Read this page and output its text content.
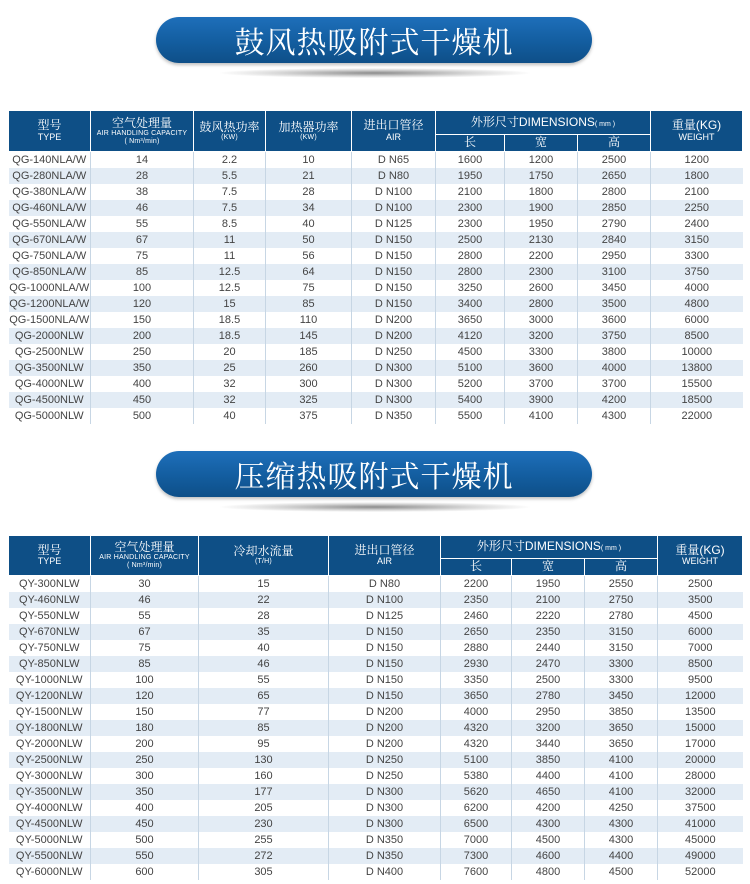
鼓风热吸附式干燥机
型号
TYPE	空气处理量
AIR HANDLING CAPACITY
( Nm³/min)	鼓风热功率
(KW)	加热器功率
(KW)	进出口管径
AIR	外形尺寸DIMENSIONS( mm )			重量(KG)
WEIGHT

					长	宽	高	
QG-140NLA/W	14	2.2	10	D N65	1600	1200	2500	1200
QG-280NLA/W	28	5.5	21	D N80	1950	1750	2650	1800
QG-380NLA/W	38	7.5	28	D N100	2100	1800	2800	2100
QG-460NLA/W	46	7.5	34	D N100	2300	1900	2850	2250
QG-550NLA/W	55	8.5	40	D N125	2300	1950	2790	2400
QG-670NLA/W	67	11	50	D N150	2500	2130	2840	3150
QG-750NLA/W	75	11	56	D N150	2800	2200	2950	3300
QG-850NLA/W	85	12.5	64	D N150	2800	2300	3100	3750
QG-1000NLA/W	100	12.5	75	D N150	3250	2600	3450	4000
QG-1200NLA/W	120	15	85	D N150	3400	2800	3500	4800
QG-1500NLA/W	150	18.5	110	D N200	3650	3000	3600	6000
QG-2000NLW	200	18.5	145	D N200	4120	3200	3750	8500
QG-2500NLW	250	20	185	D N250	4500	3300	3800	10000
QG-3500NLW	350	25	260	D N300	5100	3600	4000	13800
QG-4000NLW	400	32	300	D N300	5200	3700	3700	15500
QG-4500NLW	450	32	325	D N300	5400	3900	4200	18500
QG-5000NLW	500	40	375	D N350	5500	4100	4300	22000
压缩热吸附式干燥机
型号
TYPE	空气处理量
AIR HANDLING CAPACITY
( Nm³/min)	冷却水流量
(T/H)	进出口管径
AIR	外形尺寸DIMENSIONS( mm )			重量(KG)
WEIGHT

				长	宽	高	
QY-300NLW	30	15	D N80	2200	1950	2550	2500
QY-460NLW	46	22	D N100	2350	2100	2750	3500
QY-550NLW	55	28	D N125	2460	2220	2780	4500
QY-670NLW	67	35	D N150	2650	2350	3150	6000
QY-750NLW	75	40	D N150	2880	2440	3150	7000
QY-850NLW	85	46	D N150	2930	2470	3300	8500
QY-1000NLW	100	55	D N150	3350	2500	3300	9500
QY-1200NLW	120	65	D N150	3650	2780	3450	12000
QY-1500NLW	150	77	D N200	4000	2950	3850	13500
QY-1800NLW	180	85	D N200	4320	3200	3650	15000
QY-2000NLW	200	95	D N200	4320	3440	3650	17000
QY-2500NLW	250	130	D N250	5100	3850	4100	20000
QY-3000NLW	300	160	D N250	5380	4400	4100	28000
QY-3500NLW	350	177	D N300	5620	4650	4100	32000
QY-4000NLW	400	205	D N300	6200	4200	4250	37500
QY-4500NLW	450	230	D N300	6500	4300	4300	41000
QY-5000NLW	500	255	D N350	7000	4500	4300	45000
QY-5500NLW	550	272	D N350	7300	4600	4400	49000
QY-6000NLW	600	305	D N400	7600	4800	4500	52000
